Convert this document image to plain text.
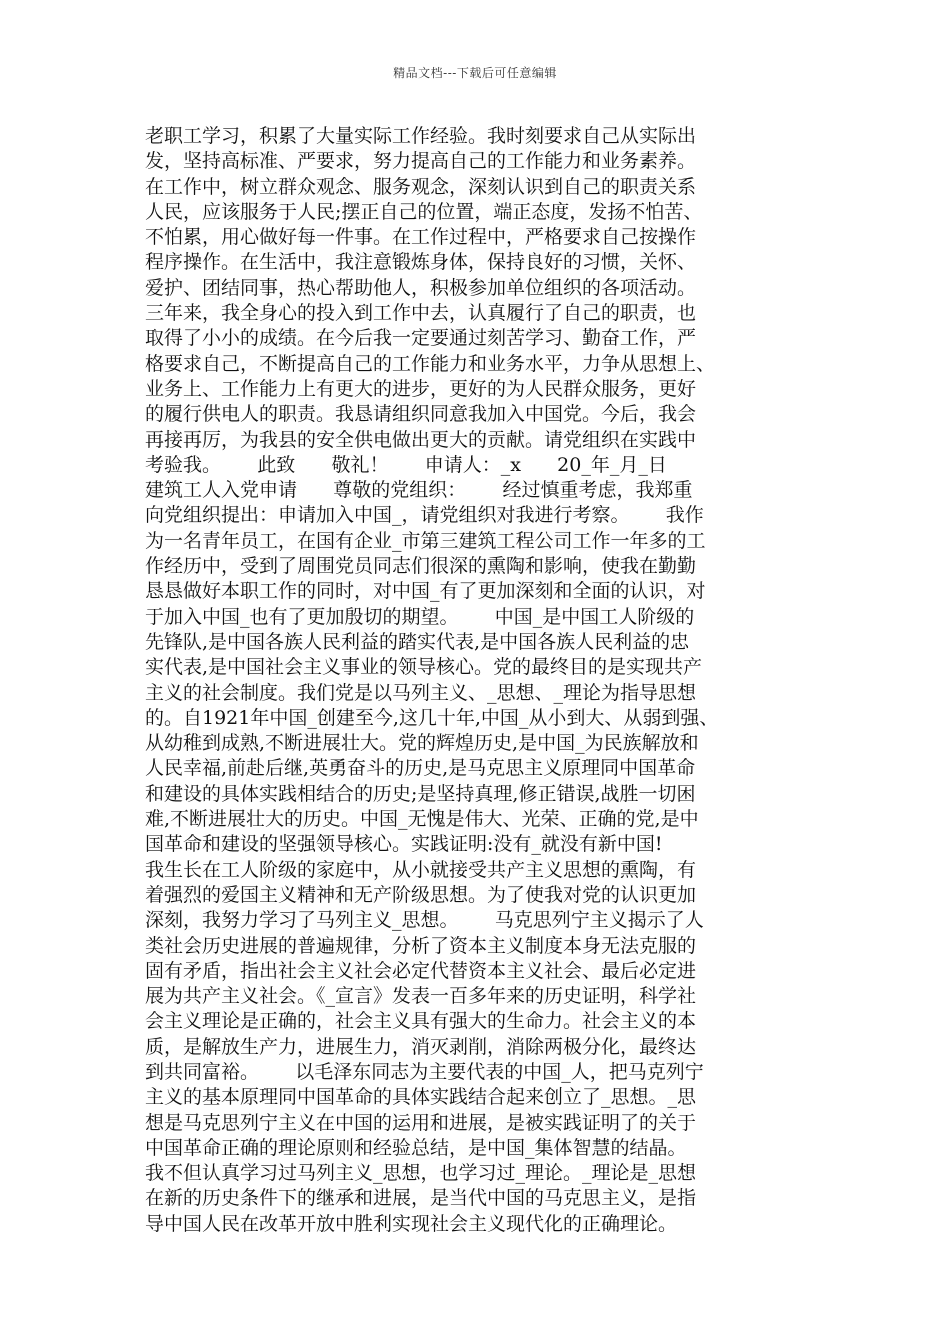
精品文档---下载后可任意编辑
老职工学习，积累了大量实际工作经验。我时刻要求自己从实际出
发，坚持高标准、严要求，努力提高自己的工作能力和业务素养。
在工作中，树立群众观念、服务观念，深刻认识到自己的职责关系
人民，应该服务于人民;摆正自己的位置，端正态度，发扬不怕苦、
不怕累，用心做好每一件事。在工作过程中，严格要求自己按操作
程序操作。在生活中，我注意锻炼身体，保持良好的习惯，关怀、
爱护、团结同事，热心帮助他人，积极参加单位组织的各项活动。
三年来，我全身心的投入到工作中去，认真履行了自己的职责，也
取得了小小的成绩。在今后我一定要通过刻苦学习、勤奋工作，严
格要求自己，不断提高自己的工作能力和业务水平，力争从思想上、
业务上、工作能力上有更大的进步，更好的为人民群众服务，更好
的履行供电人的职责。我恳请组织同意我加入中国党。今后，我会
再接再厉，为我县的安全供电做出更大的贡献。请党组织在实践中
考验我。      此致      敬礼！      申请人：_x      20_年_月_日
建筑工人入党申请      尊敬的党组织：      经过慎重考虑，我郑重
向党组织提出：申请加入中国_，请党组织对我进行考察。      我作
为一名青年员工，在国有企业_市第三建筑工程公司工作一年多的工
作经历中，受到了周围党员同志们很深的熏陶和影响，使我在勤勤
恳恳做好本职工作的同时，对中国_有了更加深刻和全面的认识，对
于加入中国_也有了更加殷切的期望。      中国_是中国工人阶级的
先锋队,是中国各族人民利益的踏实代表,是中国各族人民利益的忠
实代表,是中国社会主义事业的领导核心。党的最终目的是实现共产
主义的社会制度。我们党是以马列主义、_思想、_理论为指导思想
的。自1921年中国_创建至今,这几十年,中国_从小到大、从弱到强、
从幼稚到成熟,不断进展壮大。党的辉煌历史,是中国_为民族解放和
人民幸福,前赴后继,英勇奋斗的历史,是马克思主义原理同中国革命
和建设的具体实践相结合的历史;是坚持真理,修正错误,战胜一切困
难,不断进展壮大的历史。中国_无愧是伟大、光荣、正确的党,是中
国革命和建设的坚强领导核心。实践证明:没有_就没有新中国!
我生长在工人阶级的家庭中，从小就接受共产主义思想的熏陶，有
着强烈的爱国主义精神和无产阶级思想。为了使我对党的认识更加
深刻，我努力学习了马列主义_思想。      马克思列宁主义揭示了人
类社会历史进展的普遍规律，分析了资本主义制度本身无法克服的
固有矛盾，指出社会主义社会必定代替资本主义社会、最后必定进
展为共产主义社会。《_宣言》发表一百多年来的历史证明，科学社
会主义理论是正确的，社会主义具有强大的生命力。社会主义的本
质，是解放生产力，进展生力，消灭剥削，消除两极分化，最终达
到共同富裕。      以毛泽东同志为主要代表的中国_人，把马克列宁
主义的基本原理同中国革命的具体实践结合起来创立了_思想。_思
想是马克思列宁主义在中国的运用和进展，是被实践证明了的关于
中国革命正确的理论原则和经验总结，是中国_集体智慧的结晶。
我不但认真学习过马列主义_思想，也学习过_理论。_理论是_思想
在新的历史条件下的继承和进展，是当代中国的马克思主义，是指
导中国人民在改革开放中胜利实现社会主义现代化的正确理论。
